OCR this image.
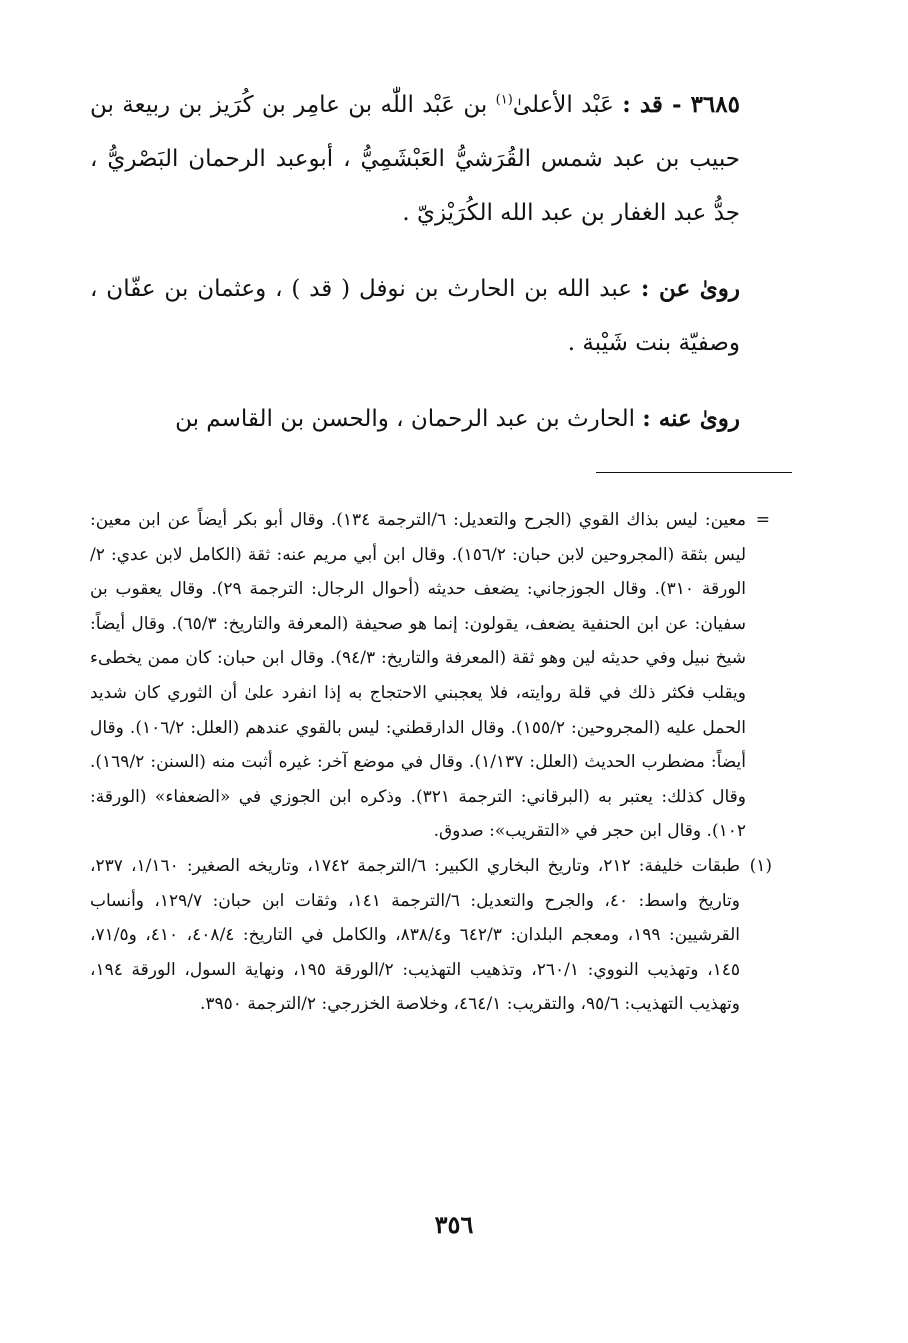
٣٦٨٥ - قد : عَبْد الأعلىٰ$^{(١)}$ بن عَبْد اللّٰه بن عامِر بن كُرَيز بن ربيعة بن حبيب بن عبد شمس القُرَشيُّ العَبْشَمِيُّ ، أبوعبد الرحمان البَصْريُّ ، جدُّ عبد الغفار بن عبد الله الكُرَيْزيّ .

روىٰ عن : عبد الله بن الحارث بن نوفل ( قد ) ، وعثمان بن عفّان ، وصفيّة بنت شَيْبة .

روىٰ عنه : الحارث بن عبد الرحمان ، والحسن بن القاسم بن

=
معين: ليس بذاك القوي (الجرح والتعديل: ٦/الترجمة ١٣٤). وقال أبو بكر أيضاً عن ابن معين: ليس بثقة (المجروحين لابن حبان: ١٥٦/٢). وقال ابن أبي مريم عنه: ثقة (الكامل لابن عدي: ٢/الورقة ٣١٠). وقال الجوزجاني: يضعف حديثه (أحوال الرجال: الترجمة ٢٩). وقال يعقوب بن سفيان: عن ابن الحنفية يضعف، يقولون: إنما هو صحيفة (المعرفة والتاريخ: ٦٥/٣). وقال أيضاً: شيخ نبيل وفي حديثه لين وهو ثقة (المعرفة والتاريخ: ٩٤/٣). وقال ابن حبان: كان ممن يخطىء ويقلب فكثر ذلك في قلة روايته، فلا يعجبني الاحتجاج به إذا انفرد علىٰ أن الثوري كان شديد الحمل عليه (المجروحين: ١٥٥/٢). وقال الدارقطني: ليس بالقوي عندهم (العلل: ١٠٦/٢). وقال أيضاً: مضطرب الحديث (العلل: ١/١٣٧). وقال في موضع آخر: غيره أثبت منه (السنن: ١٦٩/٢). وقال كذلك: يعتبر به (البرقاني: الترجمة ٣٢١). وذكره ابن الجوزي في «الضعفاء» (الورقة: ١٠٢). وقال ابن حجر في «التقريب»: صدوق.

(١)
طبقات خليفة: ٢١٢، وتاريخ البخاري الكبير: ٦/الترجمة ١٧٤٢، وتاريخه الصغير: ١/١٦٠، ٢٣٧، وتاريخ واسط: ٤٠، والجرح والتعديل: ٦/الترجمة ١٤١، وثقات ابن حبان: ١٢٩/٧، وأنساب القرشيين: ١٩٩، ومعجم البلدان: ٦٤٢/٣ و٨٣٨/٤، والكامل في التاريخ: ٤٠٨/٤، ٤١٠، و٧١/٥، ١٤٥، وتهذيب النووي: ٢٦٠/١، وتذهيب التهذيب: ٢/الورقة ١٩٥، ونهاية السول، الورقة ١٩٤، وتهذيب التهذيب: ٩٥/٦، والتقريب: ٤٦٤/١، وخلاصة الخزرجي: ٢/الترجمة ٣٩٥٠.

٣٥٦
